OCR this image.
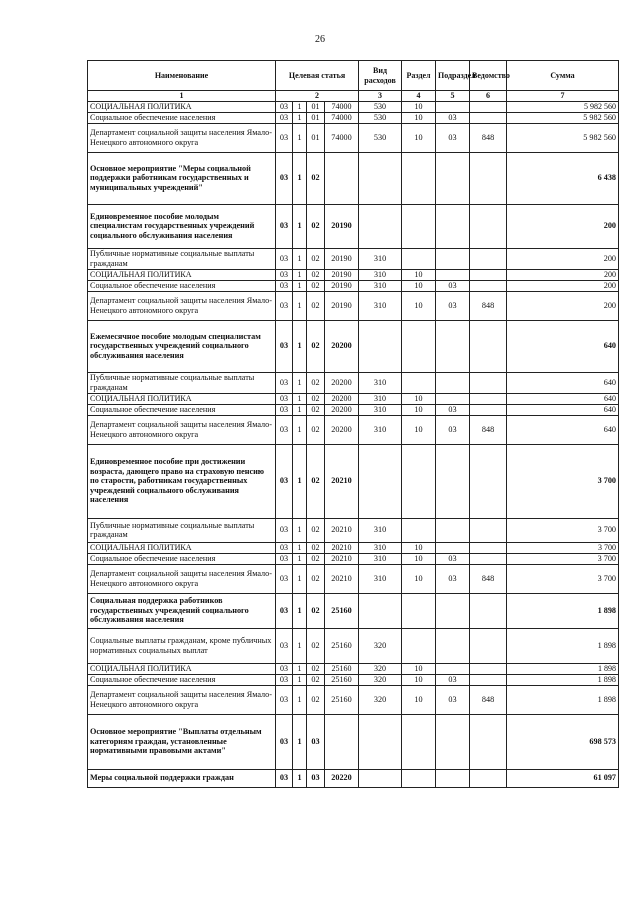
26
Наименование	Целевая статья				Вид расходов	Раздел	Подраздел	Ведомство	Сумма
1	2				3	4	5	6	7
СОЦИАЛЬНАЯ ПОЛИТИКА	03	1	01	74000	530	10			5 982 560
Социальное обеспечение населения	03	1	01	74000	530	10	03		5 982 560
Департамент социальной защиты населения Ямало-Ненецкого автономного округа	03	1	01	74000	530	10	03	848	5 982 560
Основное мероприятие "Меры социальной поддержки работникам государственных и муниципальных учреждений"	03	1	02						6 438
Единовременное пособие молодым специалистам государственных учреждений социального обслуживания населения	03	1	02	20190					200
Публичные нормативные социальные выплаты гражданам	03	1	02	20190	310				200
СОЦИАЛЬНАЯ ПОЛИТИКА	03	1	02	20190	310	10			200
Социальное обеспечение населения	03	1	02	20190	310	10	03		200
Департамент социальной защиты населения Ямало-Ненецкого автономного округа	03	1	02	20190	310	10	03	848	200
Ежемесячное пособие молодым специалистам государственных учреждений социального обслуживания населения	03	1	02	20200					640
Публичные нормативные социальные выплаты гражданам	03	1	02	20200	310				640
СОЦИАЛЬНАЯ ПОЛИТИКА	03	1	02	20200	310	10			640
Социальное обеспечение населения	03	1	02	20200	310	10	03		640
Департамент социальной защиты населения Ямало-Ненецкого автономного округа	03	1	02	20200	310	10	03	848	640
Единовременное пособие при достижении возраста, дающего право на страховую пенсию по старости, работникам государственных учреждений социального обслуживания населения	03	1	02	20210					3 700
Публичные нормативные социальные выплаты гражданам	03	1	02	20210	310				3 700
СОЦИАЛЬНАЯ ПОЛИТИКА	03	1	02	20210	310	10			3 700
Социальное обеспечение населения	03	1	02	20210	310	10	03		3 700
Департамент социальной защиты населения Ямало-Ненецкого автономного округа	03	1	02	20210	310	10	03	848	3 700
Социальная поддержка работников государственных учреждений социального обслуживания населения	03	1	02	25160					1 898
Социальные выплаты гражданам, кроме публичных нормативных социальных выплат	03	1	02	25160	320				1 898
СОЦИАЛЬНАЯ ПОЛИТИКА	03	1	02	25160	320	10			1 898
Социальное обеспечение населения	03	1	02	25160	320	10	03		1 898
Департамент социальной защиты населения Ямало-Ненецкого автономного округа	03	1	02	25160	320	10	03	848	1 898
Основное мероприятие "Выплаты отдельным категориям граждан, установленные нормативными правовыми актами"	03	1	03						698 573
Меры социальной поддержки граждан	03	1	03	20220					61 097
